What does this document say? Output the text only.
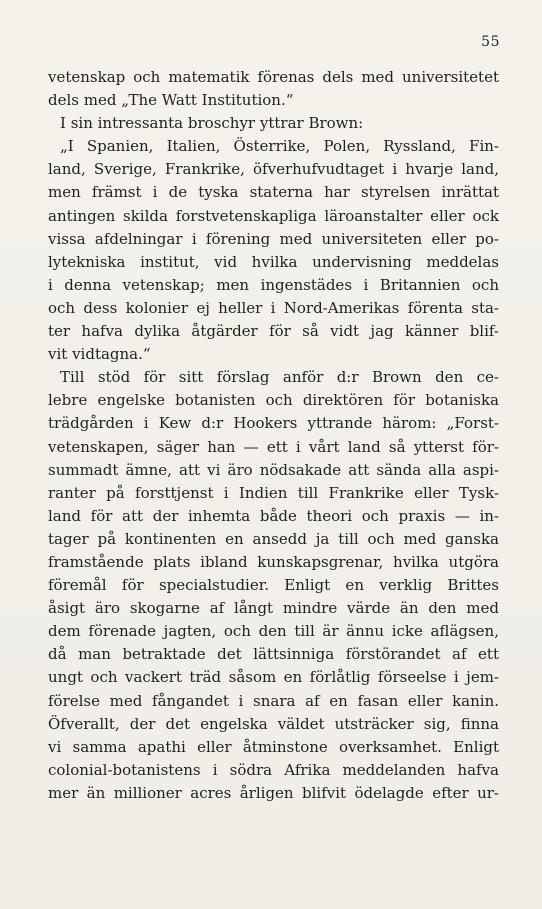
55
vetenskap och matematik förenas dels med universitetet
dels med „The Watt Institution.“
I sin intressanta broschyr yttrar Brown:
„I Spanien, Italien, Österrike, Polen, Ryssland, Fin-
land, Sverige, Frankrike, öfverhufvudtaget i hvarje land,
men främst i de tyska staterna har styrelsen inrättat
antingen skilda forstvetenskapliga läroanstalter eller ock
vissa afdelningar i förening med universiteten eller po-
lytekniska institut, vid hvilka undervisning meddelas
i denna vetenskap; men ingenstädes i Britannien och
och dess kolonier ej heller i Nord-Amerikas förenta sta-
ter hafva dylika åtgärder för så vidt jag känner blif-
vit vidtagna.“
Till stöd för sitt förslag anför d:r Brown den ce-
lebre engelske botanisten och direktören för botaniska
trädgården i Kew d:r Hookers yttrande härom: „Forst-
vetenskapen, säger han — ett i vårt land så ytterst för-
summadt ämne, att vi äro nödsakade att sända alla aspi-
ranter på forsttjenst i Indien till Frankrike eller Tysk-
land för att der inhemta både theori och praxis — in-
tager på kontinenten en ansedd ja till och med ganska
framstående plats ibland kunskapsgrenar, hvilka utgöra
föremål för specialstudier. Enligt en verklig Brittes
åsigt äro skogarne af långt mindre värde än den med
dem förenade jagten, och den till är ännu icke aflägsen,
då man betraktade det lättsinniga förstörandet af ett
ungt och vackert träd såsom en förlåtlig förseelse i jem-
förelse med fångandet i snara af en fasan eller kanin.
Öfverallt, der det engelska väldet utsträcker sig, finna
vi samma apathi eller åtminstone overksamhet. Enligt
colonial-botanistens i södra Afrika meddelanden hafva
mer än millioner acres årligen blifvit ödelagde efter ur-
